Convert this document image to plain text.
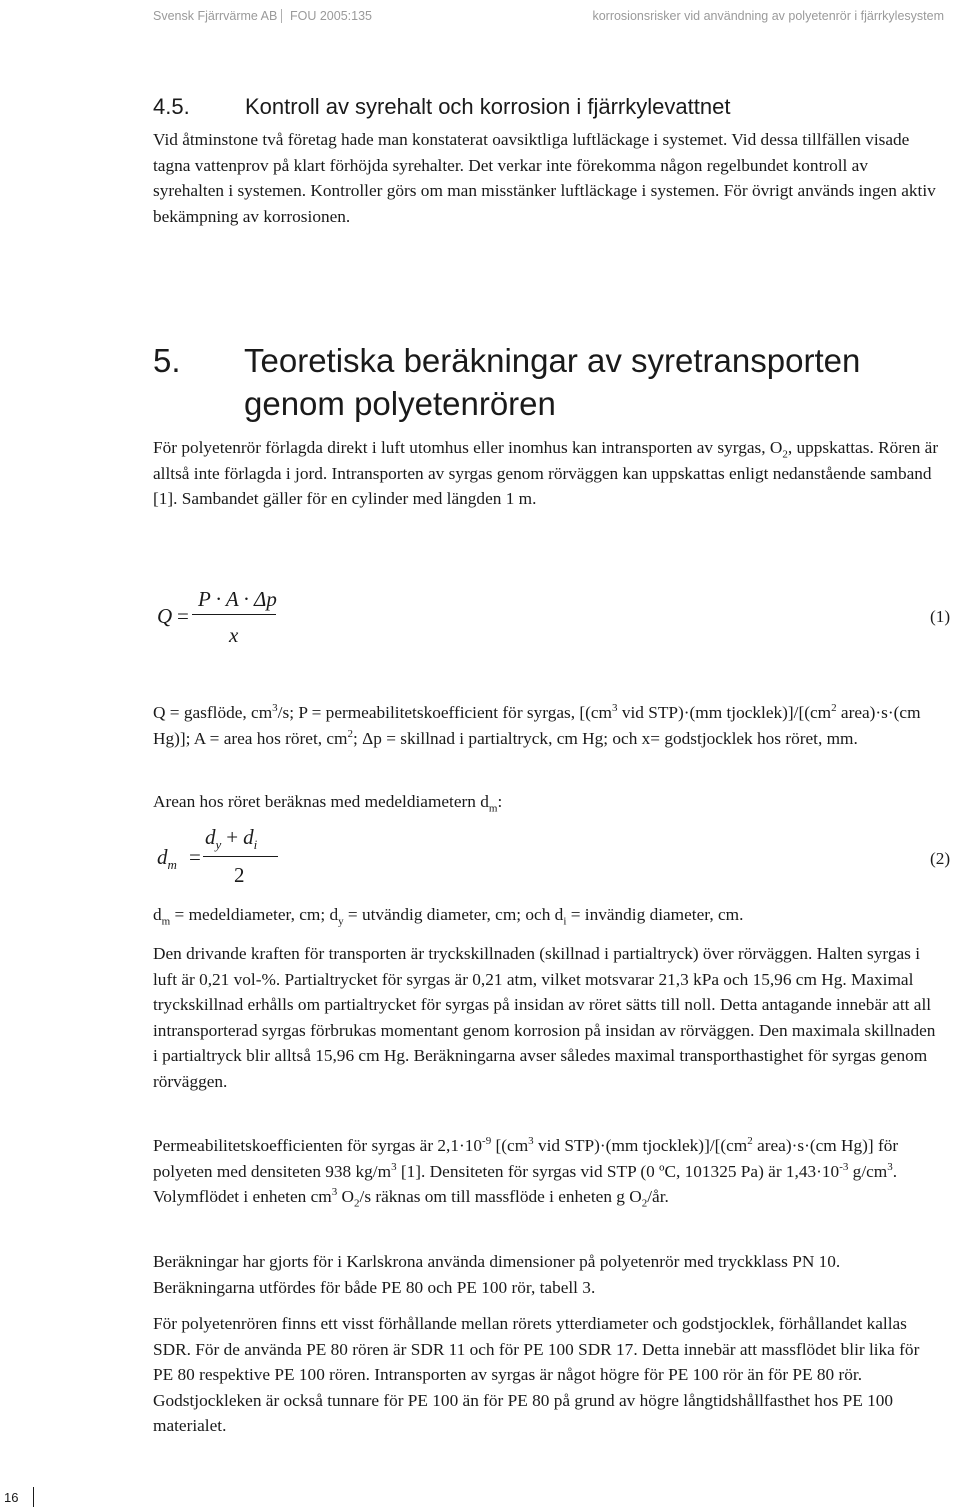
Svensk Fjärrvärme AB FOU 2005:135	korrosionsrisker vid användning av polyetenrör i fjärrkylesystem
4.5.	Kontroll av syrehalt och korrosion i fjärrkylevattnet
Vid åtminstone två företag hade man konstaterat oavsiktliga luftläckage i systemet. Vid dessa tillfällen visade tagna vattenprov på klart förhöjda syrehalter. Det verkar inte förekomma någon regelbundet kontroll av syrehalten i systemen. Kontroller görs om man misstänker luftläckage i systemen. För övrigt används ingen aktiv bekämpning av korrosionen.
5. Teoretiska beräkningar av syretransporten
genom polyetenrören
För polyetenrör förlagda direkt i luft utomhus eller inomhus kan intransporten av syrgas, $O_2$, uppskattas. Rören är alltså inte förlagda i jord. Intransporten av syrgas genom rörväggen kan uppskattas enligt nedanstående samband [1]. Sambandet gäller för en cylinder med längden 1 m.
Q =
P · A · Δp
x
(1)
Q = gasflöde, $cm^3/s$; P = permeabilitetskoefficient för syrgas, [($cm^3$ vid STP)·(mm $tjocklek)]/[(cm^2$ area)·s·(cm Hg)]; A = area hos röret, $cm^2$; Δp = skillnad i partialtryck, cm Hg; och x= godstjocklek hos röret, mm.
Arean hos röret beräknas med medeldiametern $d_m$:
$d_m$ =
$d_y + d_i$
2
(2)
$d_m$ = medeldiameter, cm; $d_y$ = utvändig diameter, cm; och $d_i$ = invändig diameter, cm.
Den drivande kraften för transporten är tryckskillnaden (skillnad i partialtryck) över rörväggen. Halten syrgas i luft är 0,21 vol-%. Partialtrycket för syrgas är 0,21 atm, vilket motsvarar 21,3 kPa och 15,96 cm Hg. Maximal tryckskillnad erhålls om partialtrycket för syrgas på insidan av röret sätts till noll. Detta antagande innebär att all intransporterad syrgas förbrukas momentant genom korrosion på insidan av rörväggen. Den maximala skillnaden i partialtryck blir alltså 15,96 cm Hg. Beräkningarna avser således maximal transporthastighet för syrgas genom rörväggen.
Permeabilitetskoefficienten för syrgas är $2,1\cdot 10^{-9}$ [($cm^3$ vid STP)·(mm $tjocklek)]/[(cm^2$ area)·s·(cm Hg)] för polyeten med densiteten 938 $kg/m^3$ [1]. Densiteten för syrgas vid STP (0 ºC, 101325 Pa) är $1,43\cdot 10^{-3}$ $g/cm^3$. Volymflödet i enheten $cm^3$ $O_2/s$ räknas om till massflöde i enheten g $O_2/år$.
Beräkningar har gjorts för i Karlskrona använda dimensioner på polyetenrör med tryckklass PN 10. Beräkningarna utfördes för både PE 80 och PE 100 rör, tabell 3.
För polyetenrören finns ett visst förhållande mellan rörets ytterdiameter och godstjocklek, förhållandet kallas SDR. För de använda PE 80 rören är SDR 11 och för PE 100 SDR 17. Detta innebär att massflödet blir lika för PE 80 respektive PE 100 rören. Intransporten av syrgas är något högre för PE 100 rör än för PE 80 rör. Godstjockleken är också tunnare för PE 100 än för PE 80 på grund av högre långtidshållfasthet hos PE 100 materialet.
16
